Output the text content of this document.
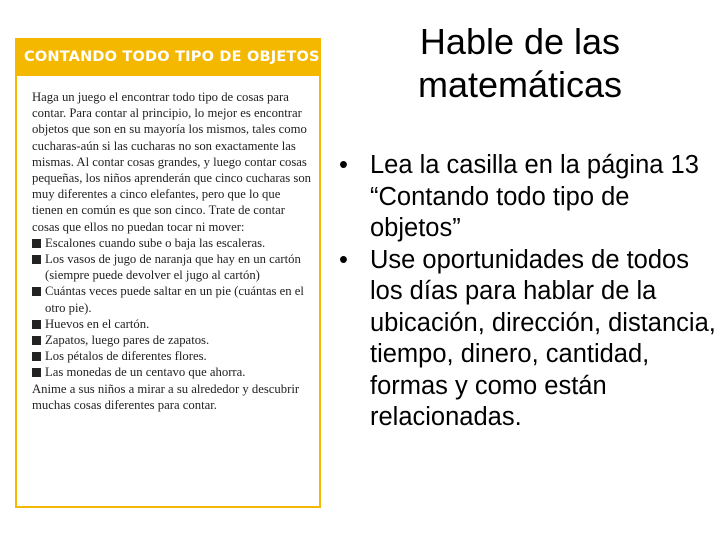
CONTANDO TODO TIPO DE OBJETOS

Haga un juego el encontrar todo tipo de cosas para contar. Para contar al principio, lo mejor es encontrar objetos que son en su mayoría los mismos, tales como cucharas-aún si las cucharas no son exactamente las mismas. Al contar cosas grandes, y luego contar cosas pequeñas, los niños aprenderán que cinco cucharas son muy diferentes a cinco elefantes, pero que lo que tienen en común es que son cinco. Trate de contar cosas que ellos no puedan tocar ni mover:

Escalones cuando sube o baja las escaleras.
Los vasos de jugo de naranja que hay en un cartón (siempre puede devolver el jugo al cartón)
Cuántas veces puede saltar en un pie (cuántas en el otro pie).
Huevos en el cartón.
Zapatos, luego pares de zapatos.
Los pétalos de diferentes flores.
Las monedas de un centavo que ahorra.

Anime a sus niños a mirar a su alrededor y descubrir muchas cosas diferentes para contar.

Hable de las matemáticas
• Lea la casilla en la página 13 “Contando todo tipo de objetos”
• Use oportunidades de todos los días para hablar de la ubicación, dirección, distancia, tiempo, dinero, cantidad, formas y como están relacionadas.
